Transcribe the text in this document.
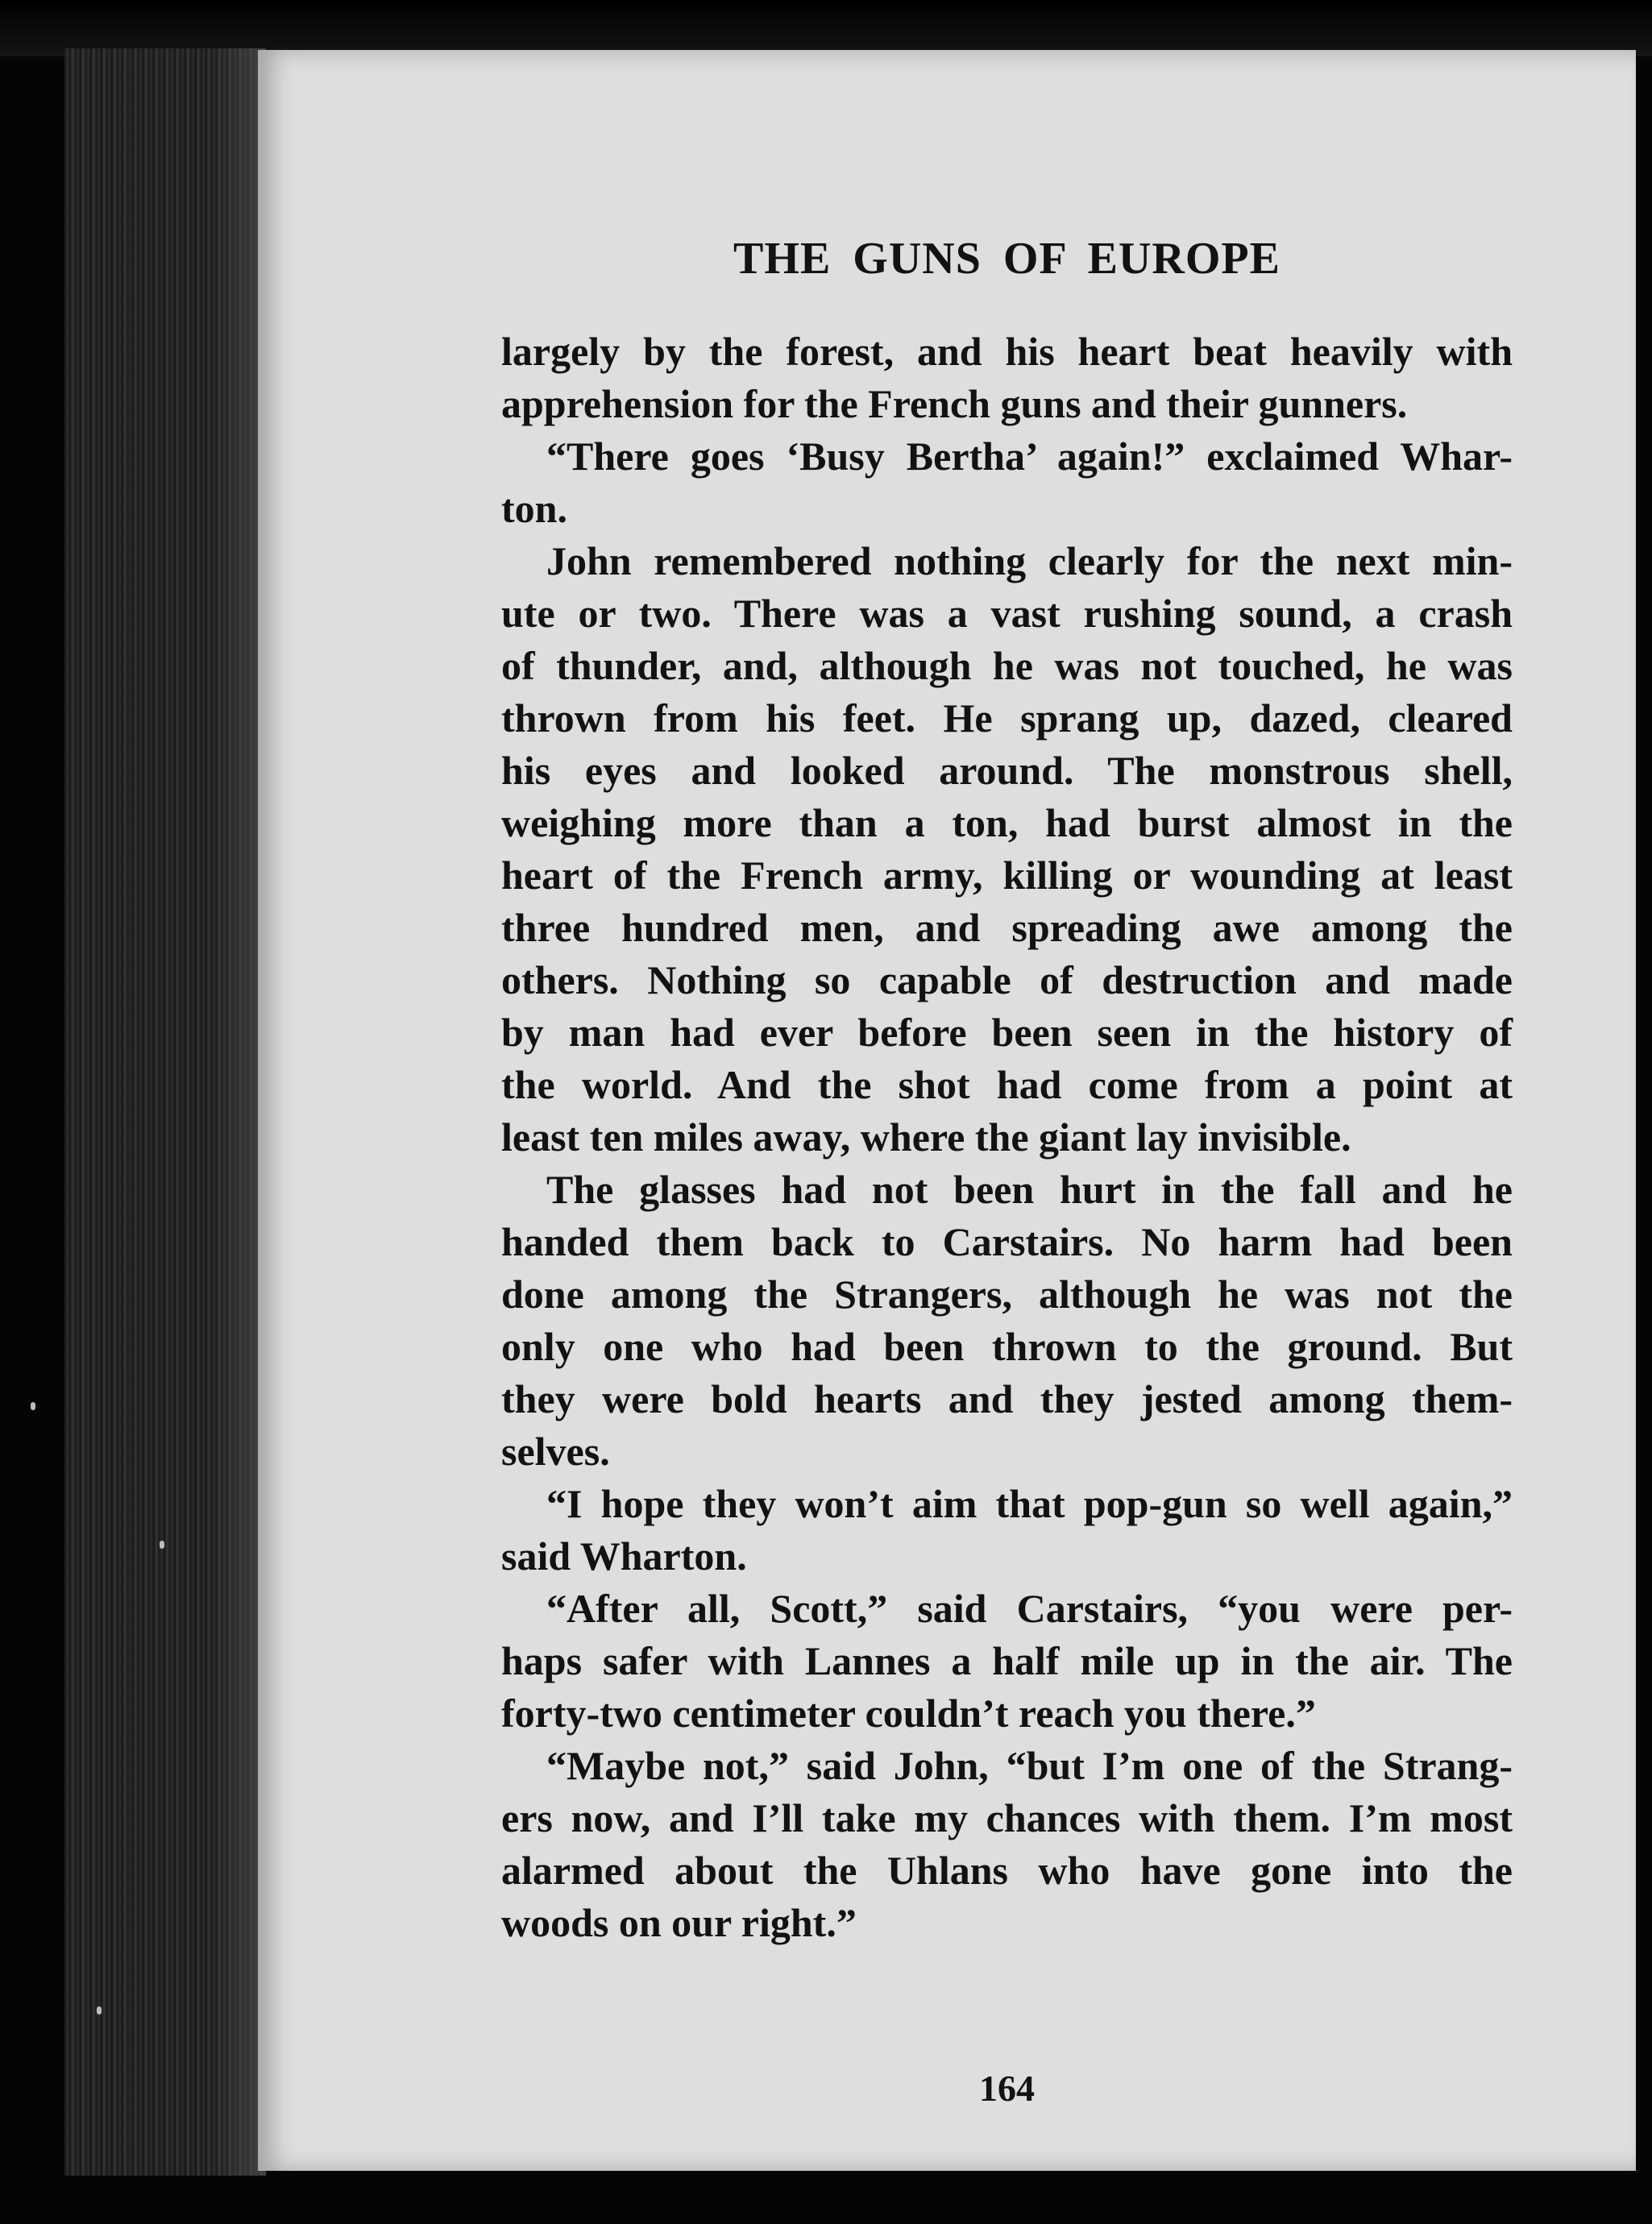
THE GUNS OF EUROPE
largely by the forest, and his heart beat heavily with
apprehension for the French guns and their gunners.
“There goes ‘Busy Bertha’ again!” exclaimed Whar-
ton.
John remembered nothing clearly for the next min-
ute or two. There was a vast rushing sound, a crash
of thunder, and, although he was not touched, he was
thrown from his feet. He sprang up, dazed, cleared
his eyes and looked around. The monstrous shell,
weighing more than a ton, had burst almost in the
heart of the French army, killing or wounding at least
three hundred men, and spreading awe among the
others. Nothing so capable of destruction and made
by man had ever before been seen in the history of
the world. And the shot had come from a point at
least ten miles away, where the giant lay invisible.
The glasses had not been hurt in the fall and he
handed them back to Carstairs. No harm had been
done among the Strangers, although he was not the
only one who had been thrown to the ground. But
they were bold hearts and they jested among them-
selves.
“I hope they won’t aim that pop-gun so well again,”
said Wharton.
“After all, Scott,” said Carstairs, “you were per-
haps safer with Lannes a half mile up in the air. The
forty-two centimeter couldn’t reach you there.”
“Maybe not,” said John, “but I’m one of the Strang-
ers now, and I’ll take my chances with them. I’m most
alarmed about the Uhlans who have gone into the
woods on our right.”
164
